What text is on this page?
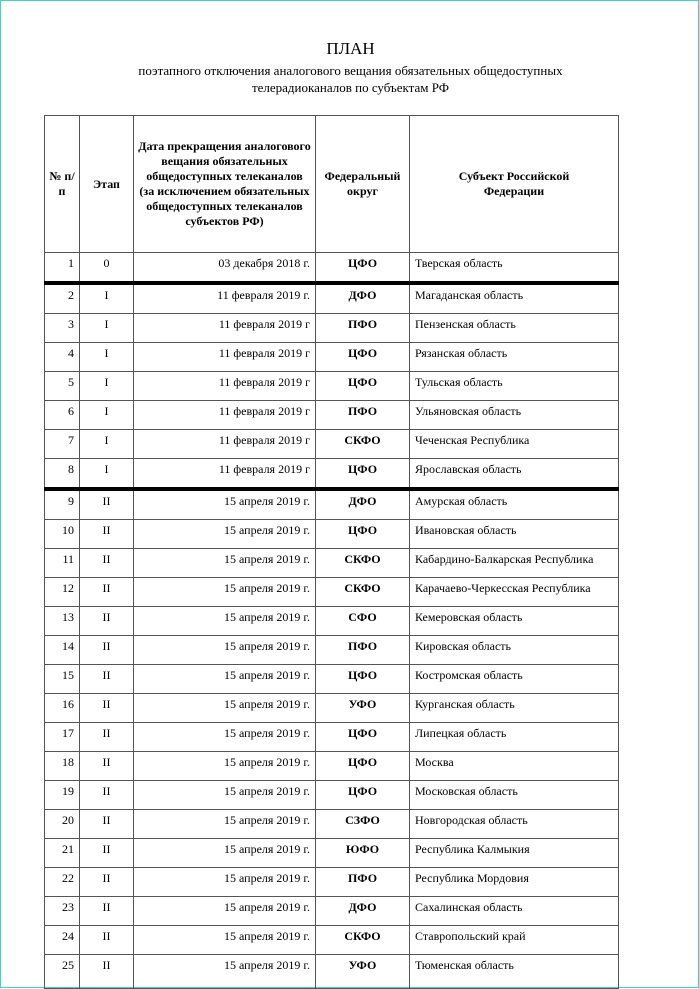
ПЛАН
поэтапного отключения аналогового вещания обязательных общедоступных
телерадиоканалов по субъектам РФ
№ п/п	Этап	Дата прекращения аналогового вещания обязательных общедоступных телеканалов (за исключением обязательных общедоступных телеканалов субъектов РФ)	Федеральный округ	Субъект Российской Федерации
1	0	03 декабря 2018 г.	ЦФО	Тверская область
2	I	11 февраля 2019 г.	ДФО	Магаданская область
3	I	11 февраля 2019 г	ПФО	Пензенская область
4	I	11 февраля 2019 г	ЦФО	Рязанская область
5	I	11 февраля 2019 г	ЦФО	Тульская область
6	I	11 февраля 2019 г	ПФО	Ульяновская область
7	I	11 февраля 2019 г	СКФО	Чеченская Республика
8	I	11 февраля 2019 г	ЦФО	Ярославская область
9	II	15 апреля 2019 г.	ДФО	Амурская область
10	II	15 апреля 2019 г.	ЦФО	Ивановская область
11	II	15 апреля 2019 г.	СКФО	Кабардино-Балкарская Республика
12	II	15 апреля 2019 г.	СКФО	Карачаево-Черкесская Республика
13	II	15 апреля 2019 г.	СФО	Кемеровская область
14	II	15 апреля 2019 г.	ПФО	Кировская область
15	II	15 апреля 2019 г.	ЦФО	Костромская область
16	II	15 апреля 2019 г.	УФО	Курганская область
17	II	15 апреля 2019 г.	ЦФО	Липецкая область
18	II	15 апреля 2019 г.	ЦФО	Москва
19	II	15 апреля 2019 г.	ЦФО	Московская область
20	II	15 апреля 2019 г.	СЗФО	Новгородская область
21	II	15 апреля 2019 г.	ЮФО	Республика Калмыкия
22	II	15 апреля 2019 г.	ПФО	Республика Мордовия
23	II	15 апреля 2019 г.	ДФО	Сахалинская область
24	II	15 апреля 2019 г.	СКФО	Ставропольский край
25	II	15 апреля 2019 г.	УФО	Тюменская область
